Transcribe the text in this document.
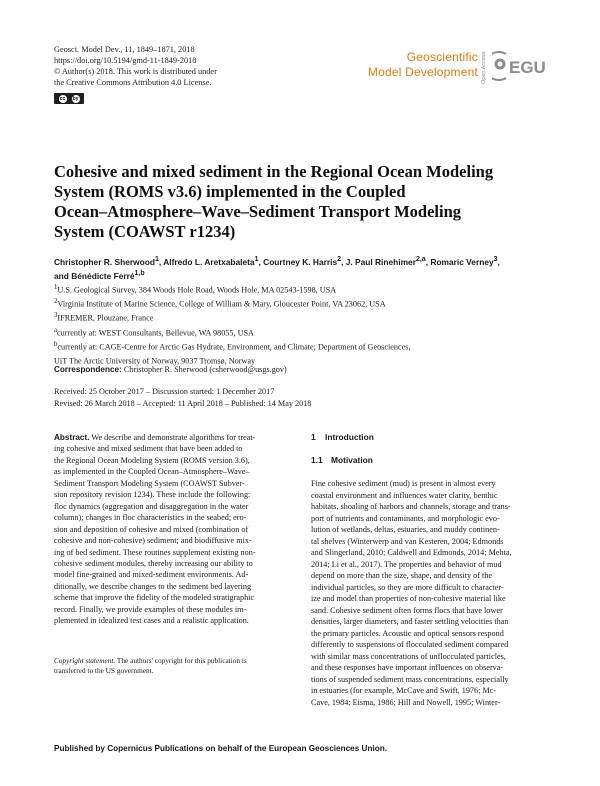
Geosci. Model Dev., 11, 1849–1871, 2018
https://doi.org/10.5194/gmd-11-1849-2018
© Author(s) 2018. This work is distributed under
the Creative Commons Attribution 4.0 License.
cc by
Geoscientific
Model Development Open Access EGU
Cohesive and mixed sediment in the Regional Ocean Modeling
System (ROMS v3.6) implemented in the Coupled
Ocean–Atmosphere–Wave–Sediment Transport Modeling
System (COAWST r1234)
Christopher R. Sherwood$^1$, Alfredo L. Aretxabaleta$^1$, Courtney K. Harris$^2$, J. Paul Rinehimer$^{2,a}$, Romaric Verney$^3$,
and Bénédicte Ferré$^{1,b}$

$^1$U.S. Geological Survey, 384 Woods Hole Road, Woods Hole, MA 02543-1598, USA

$^2$Virginia Institute of Marine Science, College of William & Mary, Gloucester Point, VA 23062, USA

$^3$IFREMER, Plouzane, France

$^a$currently at: WEST Consultants, Bellevue, WA 98055, USA

$^b$currently at: CAGE-Centre for Arctic Gas Hydrate, Environment, and Climate; Department of Geosciences,

UiT The Arctic University of Norway, 9037 Tromsø, Norway

Correspondence: Christopher R. Sherwood (csherwood@usgs.gov)
Received: 25 October 2017 – Discussion started: 1 December 2017
Revised: 26 March 2018 – Accepted: 11 April 2018 – Published: 14 May 2018
Abstract. We describe and demonstrate algorithms for treat-
ing cohesive and mixed sediment that have been added to
the Regional Ocean Modeling System (ROMS version 3.6),
as implemented in the Coupled Ocean–Atmosphere–Wave–
Sediment Transport Modeling System (COAWST Subver-
sion repository revision 1234). These include the following:
floc dynamics (aggregation and disaggregation in the water
column); changes in floc characteristics in the seabed; ero-
sion and deposition of cohesive and mixed (combination of
cohesive and non-cohesive) sediment; and biodiffusive mix-
ing of bed sediment. These routines supplement existing non-
cohesive sediment modules, thereby increasing our ability to
model fine-grained and mixed-sediment environments. Ad-
ditionally, we describe changes to the sediment bed layering
scheme that improve the fidelity of the modeled stratigraphic
record. Finally, we provide examples of these modules im-
plemented in idealized test cases and a realistic application.
Copyright statement. The authors' copyright for this publication is
transferred to the US government.
1 Introduction
1.1 Motivation
Fine cohesive sediment (mud) is present in almost every
coastal environment and influences water clarity, benthic
habitats, shoaling of harbors and channels, storage and trans-
port of nutrients and contaminants, and morphologic evo-
lution of wetlands, deltas, estuaries, and muddy continen-
tal shelves (Winterwerp and van Kesteren, 2004; Edmonds
and Slingerland, 2010; Caldwell and Edmonds, 2014; Mehta,
2014; Li et al., 2017). The properties and behavior of mud
depend on more than the size, shape, and density of the
individual particles, so they are more difficult to character-
ize and model than properties of non-cohesive material like
sand. Cohesive sediment often forms flocs that have lower
densities, larger diameters, and faster settling velocities than
the primary particles. Acoustic and optical sensors respond
differently to suspensions of flocculated sediment compared
with similar mass concentrations of unflocculated particles,
and these responses have important influences on observa-
tions of suspended sediment mass concentrations, especially
in estuaries (for example, McCave and Swift, 1976; Mc-
Cave, 1984; Eisma, 1986; Hill and Nowell, 1995; Winter-
Published by Copernicus Publications on behalf of the European Geosciences Union.
